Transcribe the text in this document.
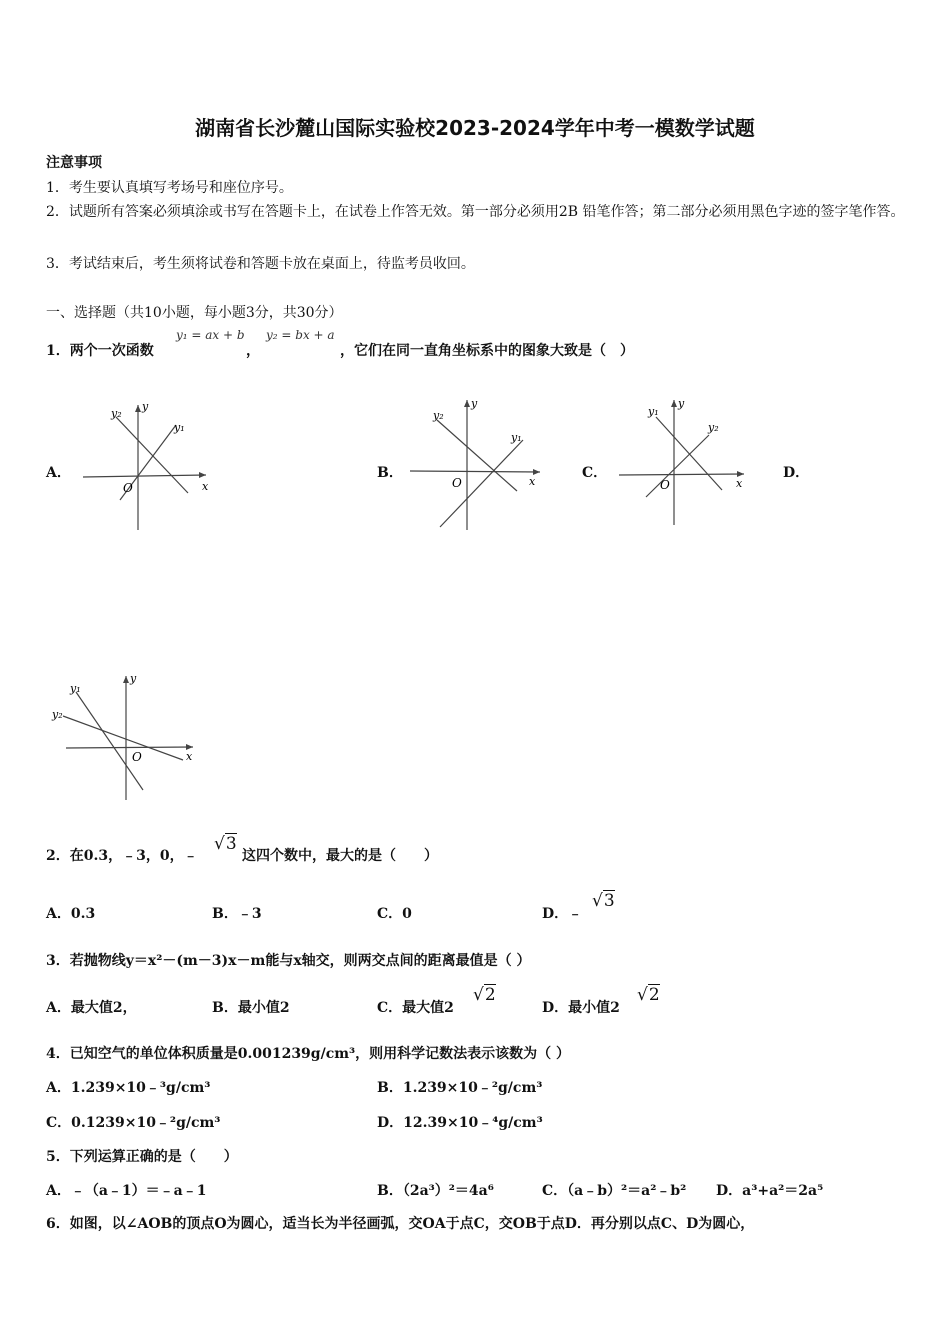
湖南省长沙麓山国际实验校2023-2024学年中考一模数学试题
注意事项
1．考生要认真填写考场号和座位序号。
2．试题所有答案必须填涂或书写在答题卡上，在试卷上作答无效。第一部分必须用2B 铅笔作答；第二部分必须用黑色字迹的签字笔作答。
3．考试结束后，考生须将试卷和答题卡放在桌面上，待监考员收回。
一、选择题（共10小题，每小题3分，共30分）
1．两个一次函数
y₁ = ax + b
，
y₂ = bx + a
，它们在同一直角坐标系中的图象大致是（　）
A．	B．	C．	D．
x
y
O
y₂
y₁
x
y
O
y₂
y₁
x
y
O
y₁
y₂
x
y
O
y₁
y₂
2．在0.3，﹣3，0，﹣
√3
这四个数中，最大的是（　　）
A．0.3	B．﹣3	C．0	D．﹣
√3
3．若抛物线y＝x²－(m－3)x－m能与x轴交，则两交点间的距离最值是（ ）
A．最大值2，	B．最小值2	C．最大值2
√2
D．最小值2
√2
4．已知空气的单位体积质量是0.001239g/cm³，则用科学记数法表示该数为（ ）
A．1.239×10﹣³g/cm³	B．1.239×10﹣²g/cm³
C．0.1239×10﹣²g/cm³	D．12.39×10﹣⁴g/cm³
5．下列运算正确的是（　　）
A．﹣（a﹣1）＝﹣a﹣1	B．（2a³）²＝4a⁶	C．（a﹣b）²＝a²﹣b² D．a³+a²＝2a⁵
6．如图，以∠AOB的顶点O为圆心，适当长为半径画弧，交OA于点C，交OB于点D．再分别以点C、D为圆心，
